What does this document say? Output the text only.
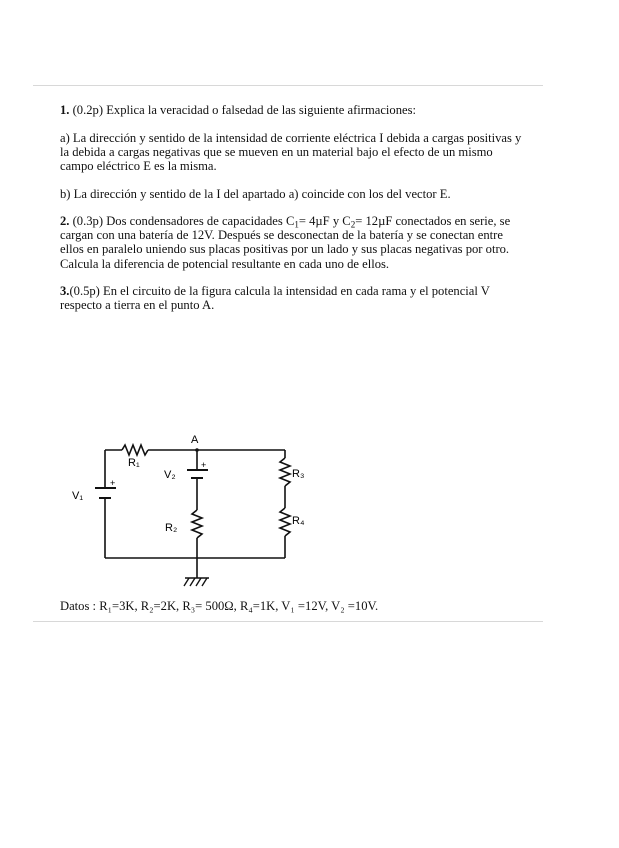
1. (0.2p) Explica la veracidad o falsedad de las siguiente afirmaciones:

a) La dirección y sentido de la intensidad de corriente eléctrica I debida a cargas positivas y la debida a cargas negativas que se mueven en un material bajo el efecto de un mismo campo eléctrico E es la misma.

b) La dirección y sentido de la I del apartado a) coincide con los del vector E.

2. (0.3p) Dos condensadores de capacidades $C_1= 4\mu F$ y $C_2= 12\mu F$ conectados en serie, se cargan con una batería de 12V. Después se desconectan de la batería y se conectan entre ellos en paralelo uniendo sus placas positivas por un lado y sus placas negativas por otro. Calcula la diferencia de potencial resultante en cada uno de ellos.

3.(0.5p) En el circuito de la figura calcula la intensidad en cada rama y el potencial V respecto a tierra en el punto A.

A
R₁
V₂
+
V₁
+
R₂
R₃
R₄
Datos : R₁=3K, R₂=2K, R₃= 500Ω, R₄=1K, V₁ =12V, V₂ =10V.
